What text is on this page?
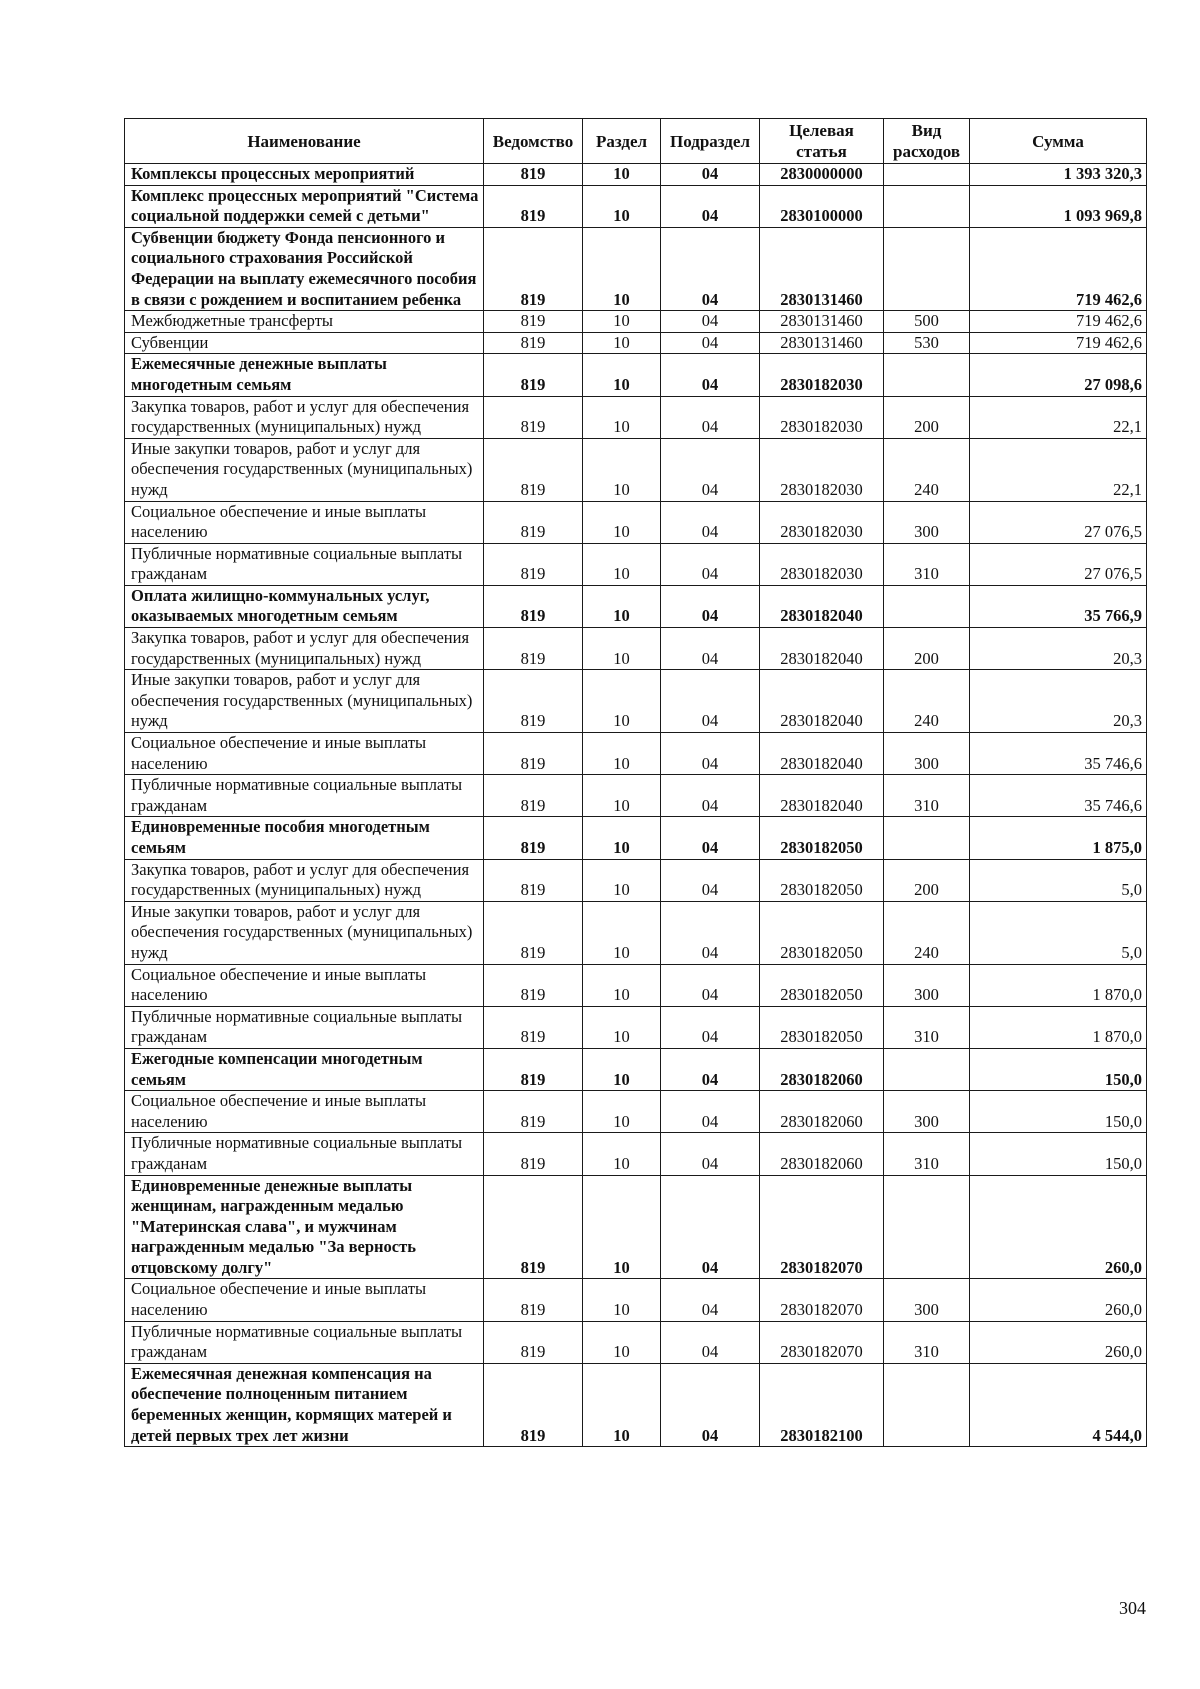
Наименование	Ведомство	Раздел	Подраздел	Целевая статья	Вид расходов	Сумма
Комплексы процессных мероприятий	819	10	04	2830000000		1 393 320,3
Комплекс процессных мероприятий "Система социальной поддержки семей с детьми"	819	10	04	2830100000		1 093 969,8
Субвенции бюджету Фонда пенсионного и социального страхования Российской Федерации на выплату ежемесячного пособия в связи с рождением и воспитанием ребенка	819	10	04	2830131460		719 462,6
Межбюджетные трансферты	819	10	04	2830131460	500	719 462,6
Субвенции	819	10	04	2830131460	530	719 462,6
Ежемесячные денежные выплаты многодетным семьям	819	10	04	2830182030		27 098,6
Закупка товаров, работ и услуг для обеспечения государственных (муниципальных) нужд	819	10	04	2830182030	200	22,1
Иные закупки товаров, работ и услуг для обеспечения государственных (муниципальных) нужд	819	10	04	2830182030	240	22,1
Социальное обеспечение и иные выплаты населению	819	10	04	2830182030	300	27 076,5
Публичные нормативные социальные выплаты гражданам	819	10	04	2830182030	310	27 076,5
Оплата жилищно-коммунальных услуг, оказываемых многодетным семьям	819	10	04	2830182040		35 766,9
Закупка товаров, работ и услуг для обеспечения государственных (муниципальных) нужд	819	10	04	2830182040	200	20,3
Иные закупки товаров, работ и услуг для обеспечения государственных (муниципальных) нужд	819	10	04	2830182040	240	20,3
Социальное обеспечение и иные выплаты населению	819	10	04	2830182040	300	35 746,6
Публичные нормативные социальные выплаты гражданам	819	10	04	2830182040	310	35 746,6
Единовременные пособия многодетным семьям	819	10	04	2830182050		1 875,0
Закупка товаров, работ и услуг для обеспечения государственных (муниципальных) нужд	819	10	04	2830182050	200	5,0
Иные закупки товаров, работ и услуг для обеспечения государственных (муниципальных) нужд	819	10	04	2830182050	240	5,0
Социальное обеспечение и иные выплаты населению	819	10	04	2830182050	300	1 870,0
Публичные нормативные социальные выплаты гражданам	819	10	04	2830182050	310	1 870,0
Ежегодные компенсации многодетным семьям	819	10	04	2830182060		150,0
Социальное обеспечение и иные выплаты населению	819	10	04	2830182060	300	150,0
Публичные нормативные социальные выплаты гражданам	819	10	04	2830182060	310	150,0
Единовременные денежные выплаты женщинам, награжденным медалью "Материнская слава", и мужчинам награжденным медалью "За верность отцовскому долгу"	819	10	04	2830182070		260,0
Социальное обеспечение и иные выплаты населению	819	10	04	2830182070	300	260,0
Публичные нормативные социальные выплаты гражданам	819	10	04	2830182070	310	260,0
Ежемесячная денежная компенсация на обеспечение полноценным питанием беременных женщин, кормящих матерей и детей первых трех лет жизни	819	10	04	2830182100		4 544,0
304
